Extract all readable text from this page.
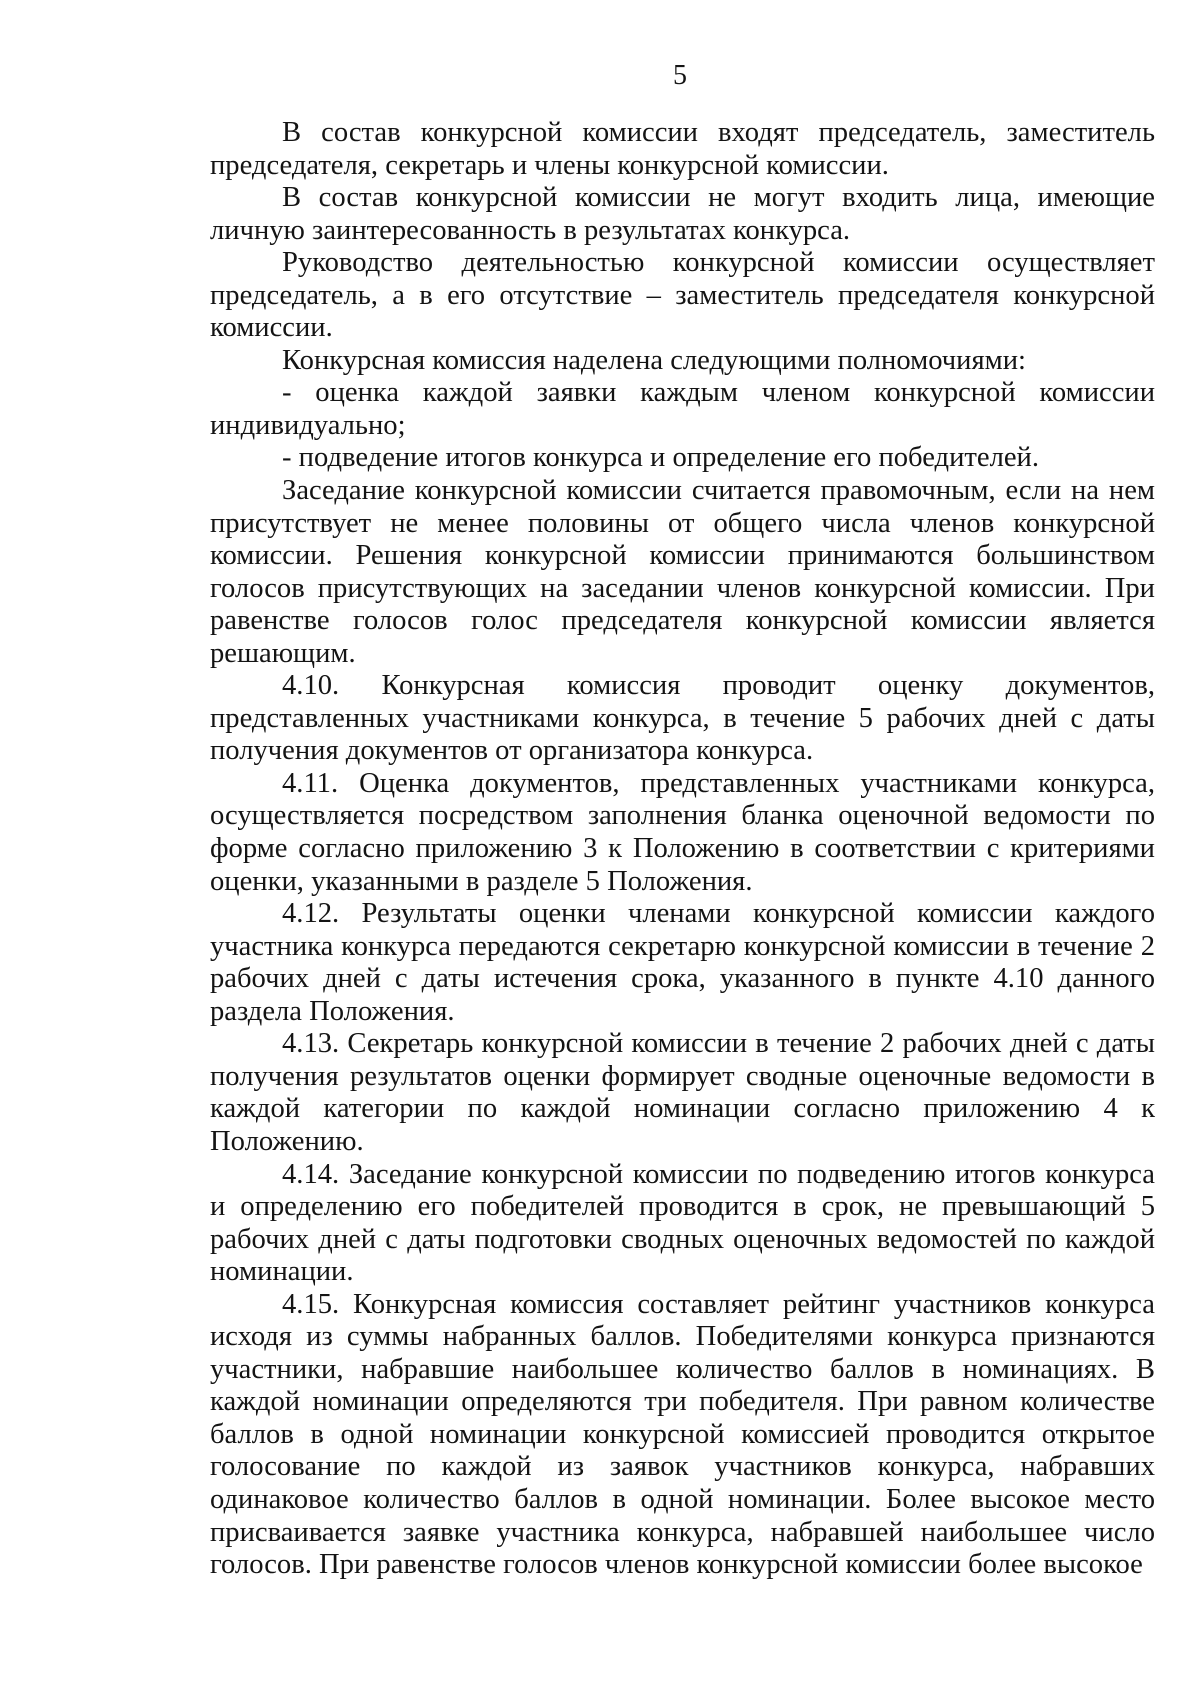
5

В состав конкурсной комиссии входят председатель, заместитель председателя, секретарь и члены конкурсной комиссии.

В состав конкурсной комиссии не могут входить лица, имеющие личную заинтересованность в результатах конкурса.

Руководство деятельностью конкурсной комиссии осуществляет председатель, а в его отсутствие – заместитель председателя конкурсной комиссии.

Конкурсная комиссия наделена следующими полномочиями:

- оценка каждой заявки каждым членом конкурсной комиссии индивидуально;

- подведение итогов конкурса и определение его победителей.

Заседание конкурсной комиссии считается правомочным, если на нем присутствует не менее половины от общего числа членов конкурсной комиссии. Решения конкурсной комиссии принимаются большинством голосов присутствующих на заседании членов конкурсной комиссии. При равенстве голосов голос председателя конкурсной комиссии является решающим.

4.10. Конкурсная комиссия проводит оценку документов, представленных участниками конкурса, в течение 5 рабочих дней с даты получения документов от организатора конкурса.

4.11. Оценка документов, представленных участниками конкурса, осуществляется посредством заполнения бланка оценочной ведомости по форме согласно приложению 3 к Положению в соответствии с критериями оценки, указанными в разделе 5 Положения.

4.12. Результаты оценки членами конкурсной комиссии каждого участника конкурса передаются секретарю конкурсной комиссии в течение 2 рабочих дней с даты истечения срока, указанного в пункте 4.10 данного раздела Положения.

4.13. Секретарь конкурсной комиссии в течение 2 рабочих дней с даты получения результатов оценки формирует сводные оценочные ведомости в каждой категории по каждой номинации согласно приложению 4 к Положению.

4.14. Заседание конкурсной комиссии по подведению итогов конкурса и определению его победителей проводится в срок, не превышающий 5 рабочих дней с даты подготовки сводных оценочных ведомостей по каждой номинации.

4.15. Конкурсная комиссия составляет рейтинг участников конкурса исходя из суммы набранных баллов. Победителями конкурса признаются участники, набравшие наибольшее количество баллов в номинациях. В каждой номинации определяются три победителя. При равном количестве баллов в одной номинации конкурсной комиссией проводится открытое голосование по каждой из заявок участников конкурса, набравших одинаковое количество баллов в одной номинации. Более высокое место присваивается заявке участника конкурса, набравшей наибольшее число голосов. При равенстве голосов членов конкурсной комиссии более высокое
